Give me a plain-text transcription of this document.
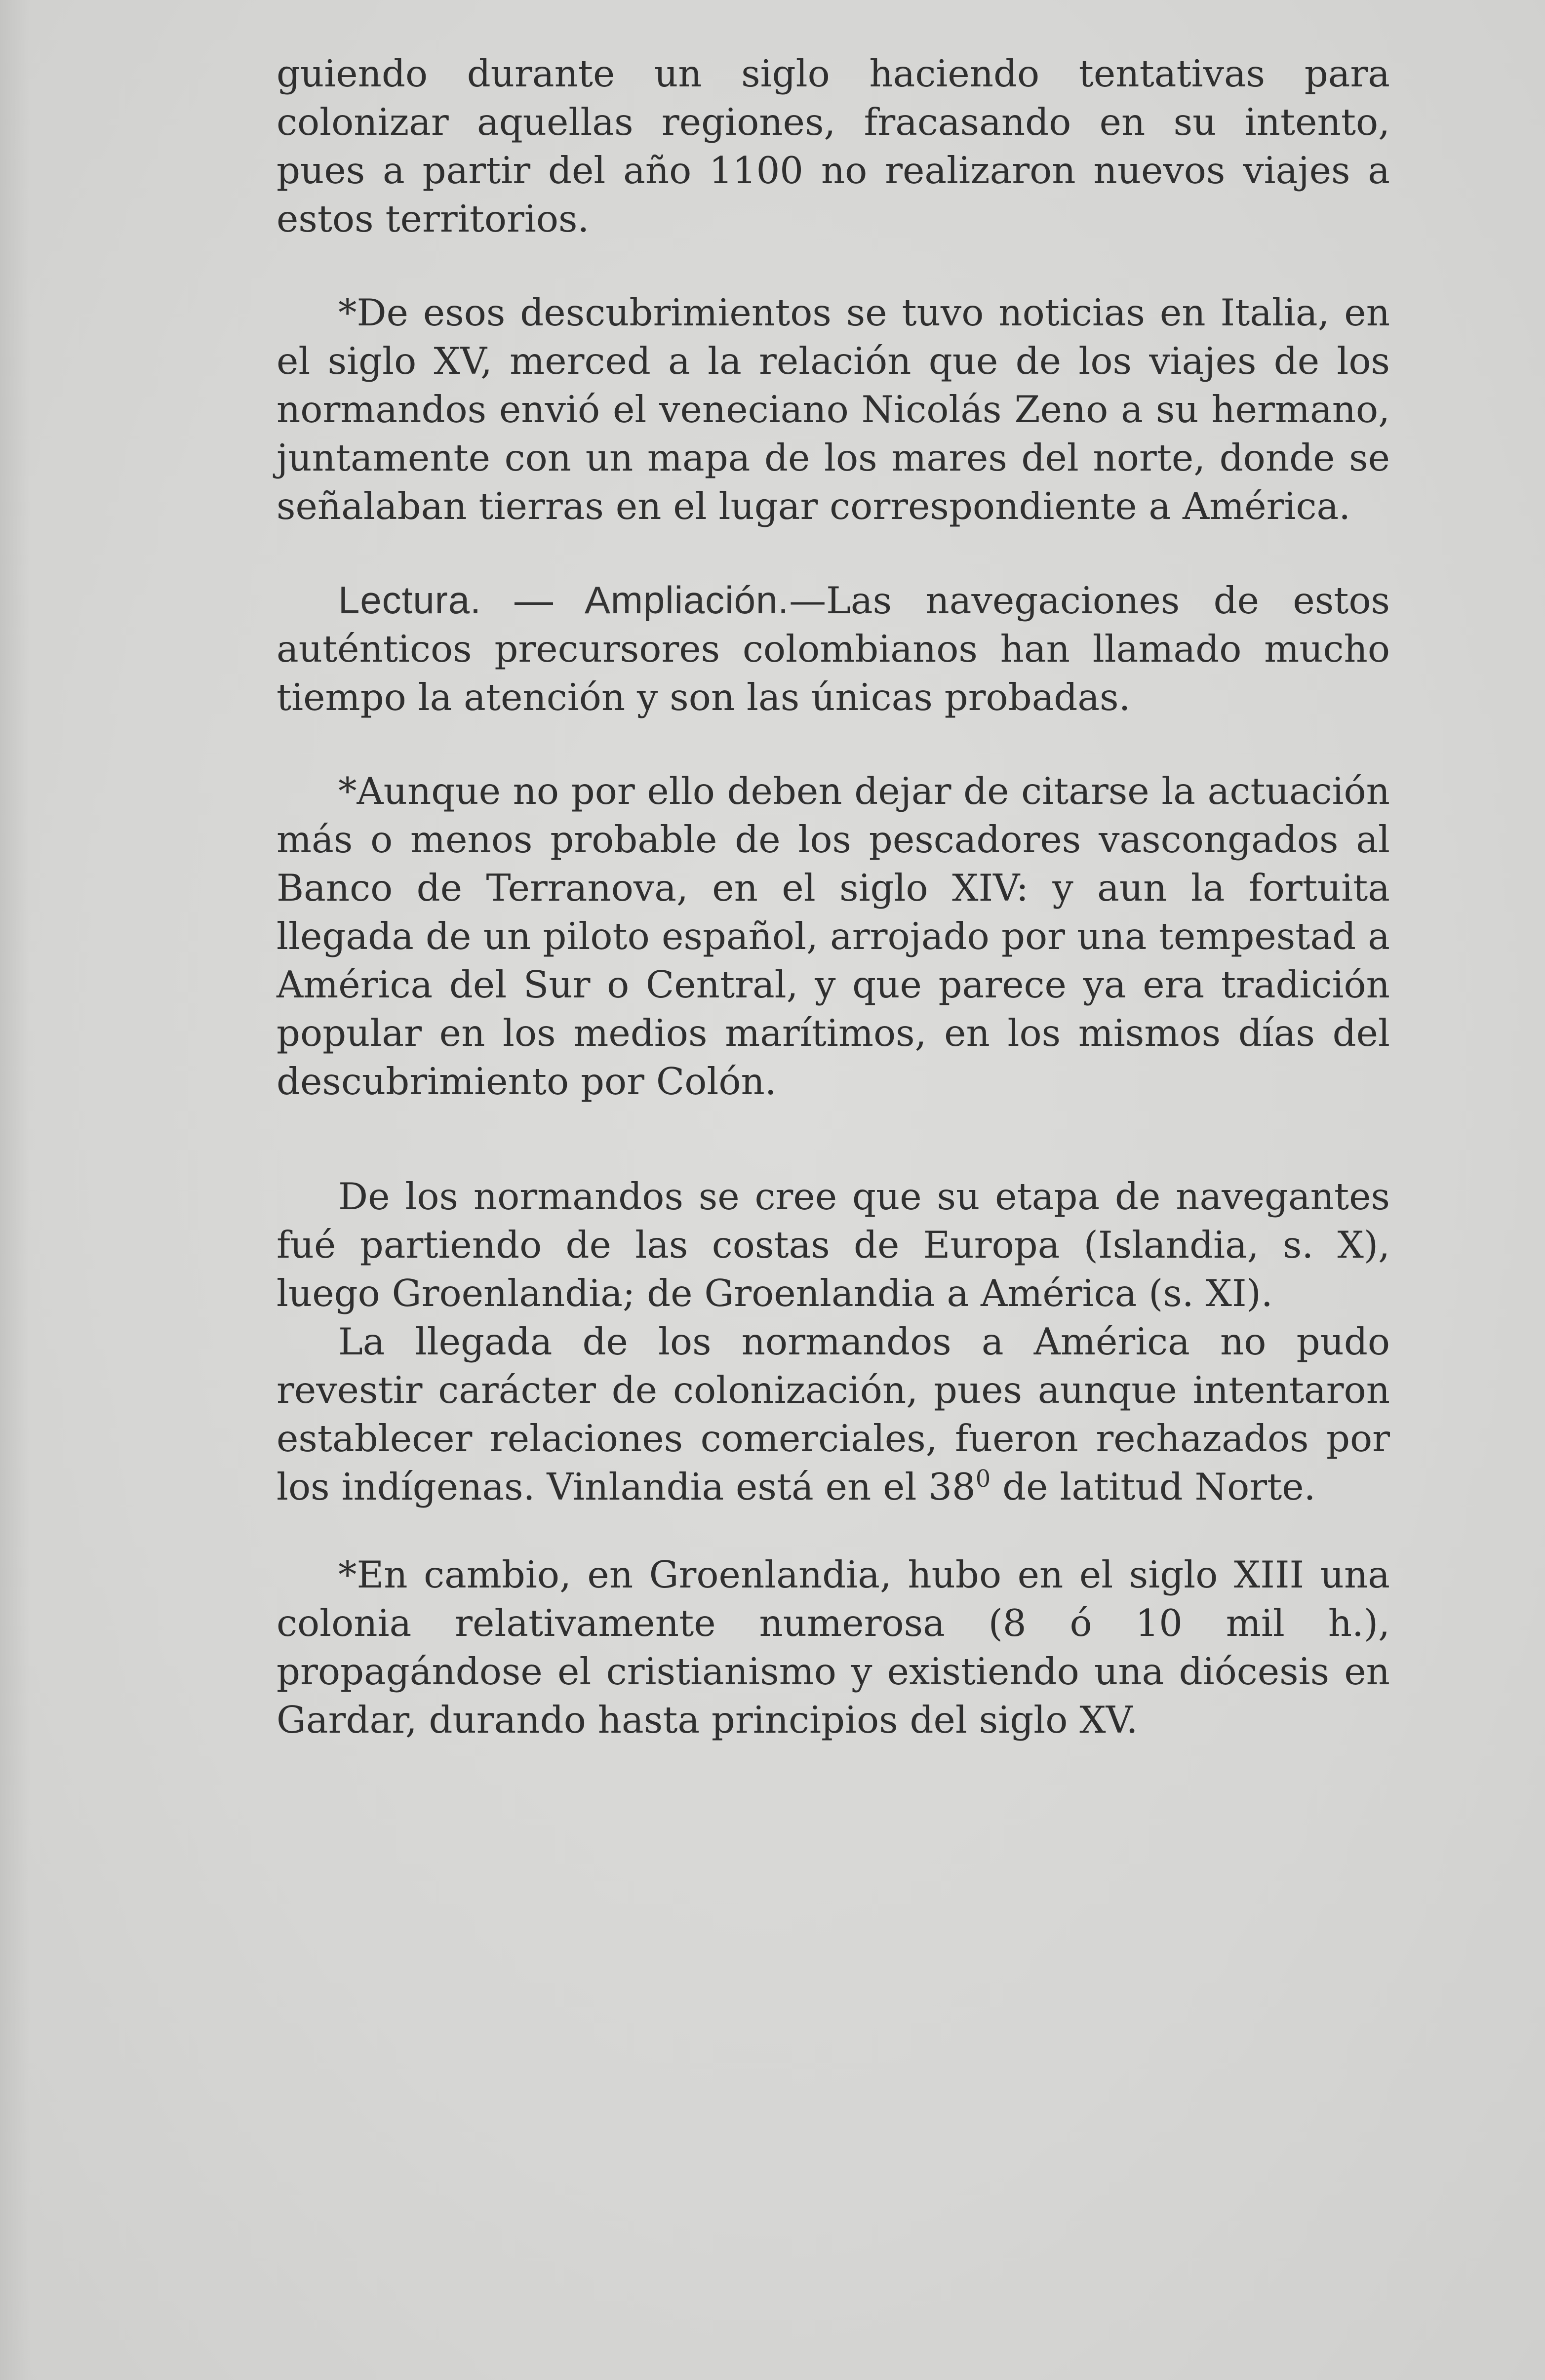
guiendo durante un siglo haciendo tentativas para colonizar aquellas regiones, fracasando en su intento, pues a partir del año 1100 no realizaron nuevos viajes a estos territorios.

*De esos descubrimientos se tuvo noticias en Italia, en el siglo XV, merced a la relación que de los viajes de los normandos envió el veneciano Nicolás Zeno a su hermano, juntamente con un mapa de los mares del norte, donde se señalaban tierras en el lugar correspondiente a América.

Lectura. — Ampliación.—Las navegaciones de estos auténticos precursores colombianos han llamado mucho tiempo la atención y son las únicas probadas.

*Aunque no por ello deben dejar de citarse la actuación más o menos probable de los pescadores vascongados al Banco de Terranova, en el siglo XIV: y aun la fortuita llegada de un piloto español, arrojado por una tempestad a América del Sur o Central, y que parece ya era tradición popular en los medios marítimos, en los mismos días del descubrimiento por Colón.

De los normandos se cree que su etapa de navegantes fué partiendo de las costas de Europa (Islandia, s. X), luego Groenlandia; de Groenlandia a América (s. XI).

La llegada de los normandos a América no pudo revestir carácter de colonización, pues aunque intentaron establecer relaciones comerciales, fueron rechazados por los indígenas. Vinlandia está en el $38^0$ de latitud Norte.

*En cambio, en Groenlandia, hubo en el siglo XIII una colonia relativamente numerosa (8 ó 10 mil h.), propagándose el cristianismo y existiendo una diócesis en Gardar, durando hasta principios del siglo XV.
